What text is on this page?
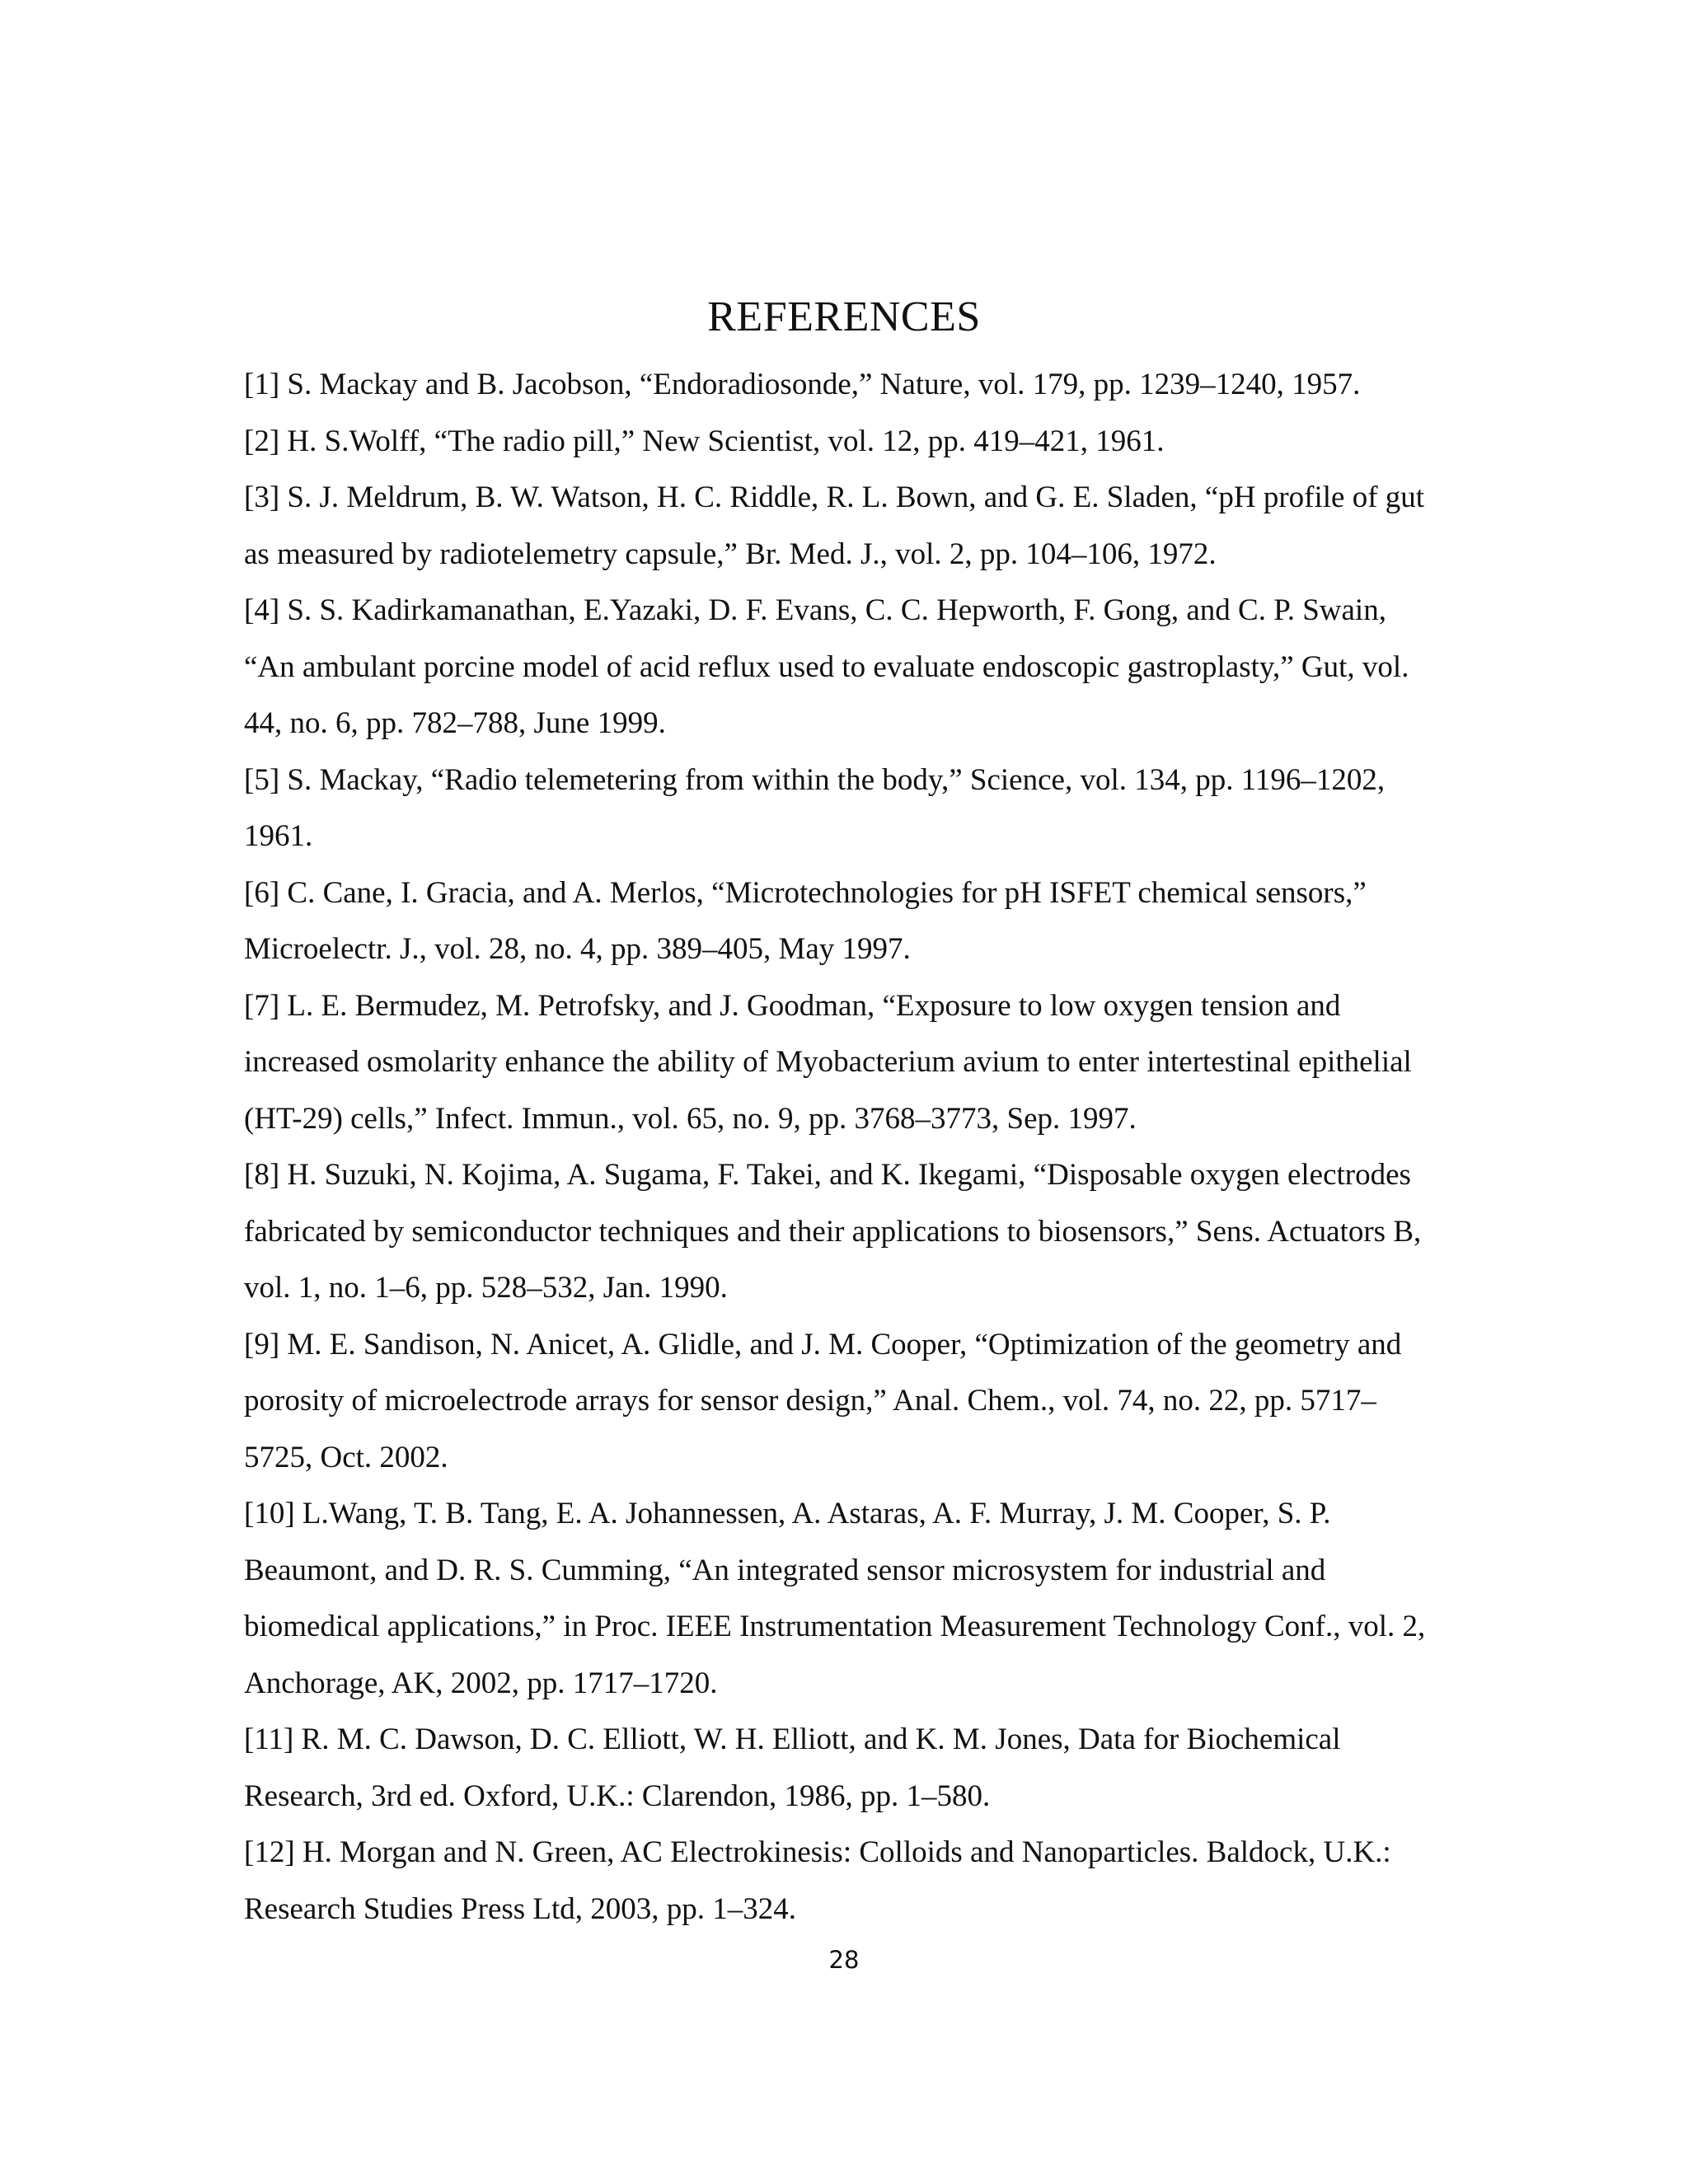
REFERENCES
[1] S. Mackay and B. Jacobson, “Endoradiosonde,” Nature, vol. 179, pp. 1239–1240, 1957.
[2] H. S.Wolff, “The radio pill,” New Scientist, vol. 12, pp. 419–421, 1961.
[3] S. J. Meldrum, B. W. Watson, H. C. Riddle, R. L. Bown, and G. E. Sladen, “pH profile of gut
as measured by radiotelemetry capsule,” Br. Med. J., vol. 2, pp. 104–106, 1972.
[4] S. S. Kadirkamanathan, E.Yazaki, D. F. Evans, C. C. Hepworth, F. Gong, and C. P. Swain,
“An ambulant porcine model of acid reflux used to evaluate endoscopic gastroplasty,” Gut, vol.
44, no. 6, pp. 782–788, June 1999.
[5] S. Mackay, “Radio telemetering from within the body,” Science, vol. 134, pp. 1196–1202,
1961.
[6] C. Cane, I. Gracia, and A. Merlos, “Microtechnologies for pH ISFET chemical sensors,”
Microelectr. J., vol. 28, no. 4, pp. 389–405, May 1997.
[7] L. E. Bermudez, M. Petrofsky, and J. Goodman, “Exposure to low oxygen tension and
increased osmolarity enhance the ability of Myobacterium avium to enter intertestinal epithelial
(HT-29) cells,” Infect. Immun., vol. 65, no. 9, pp. 3768–3773, Sep. 1997.
[8] H. Suzuki, N. Kojima, A. Sugama, F. Takei, and K. Ikegami, “Disposable oxygen electrodes
fabricated by semiconductor techniques and their applications to biosensors,” Sens. Actuators B,
vol. 1, no. 1–6, pp. 528–532, Jan. 1990.
[9] M. E. Sandison, N. Anicet, A. Glidle, and J. M. Cooper, “Optimization of the geometry and
porosity of microelectrode arrays for sensor design,” Anal. Chem., vol. 74, no. 22, pp. 5717–
5725, Oct. 2002.
[10] L.Wang, T. B. Tang, E. A. Johannessen, A. Astaras, A. F. Murray, J. M. Cooper, S. P.
Beaumont, and D. R. S. Cumming, “An integrated sensor microsystem for industrial and
biomedical applications,” in Proc. IEEE Instrumentation Measurement Technology Conf., vol. 2,
Anchorage, AK, 2002, pp. 1717–1720.
[11] R. M. C. Dawson, D. C. Elliott, W. H. Elliott, and K. M. Jones, Data for Biochemical
Research, 3rd ed. Oxford, U.K.: Clarendon, 1986, pp. 1–580.
[12] H. Morgan and N. Green, AC Electrokinesis: Colloids and Nanoparticles. Baldock, U.K.:
Research Studies Press Ltd, 2003, pp. 1–324.
28
